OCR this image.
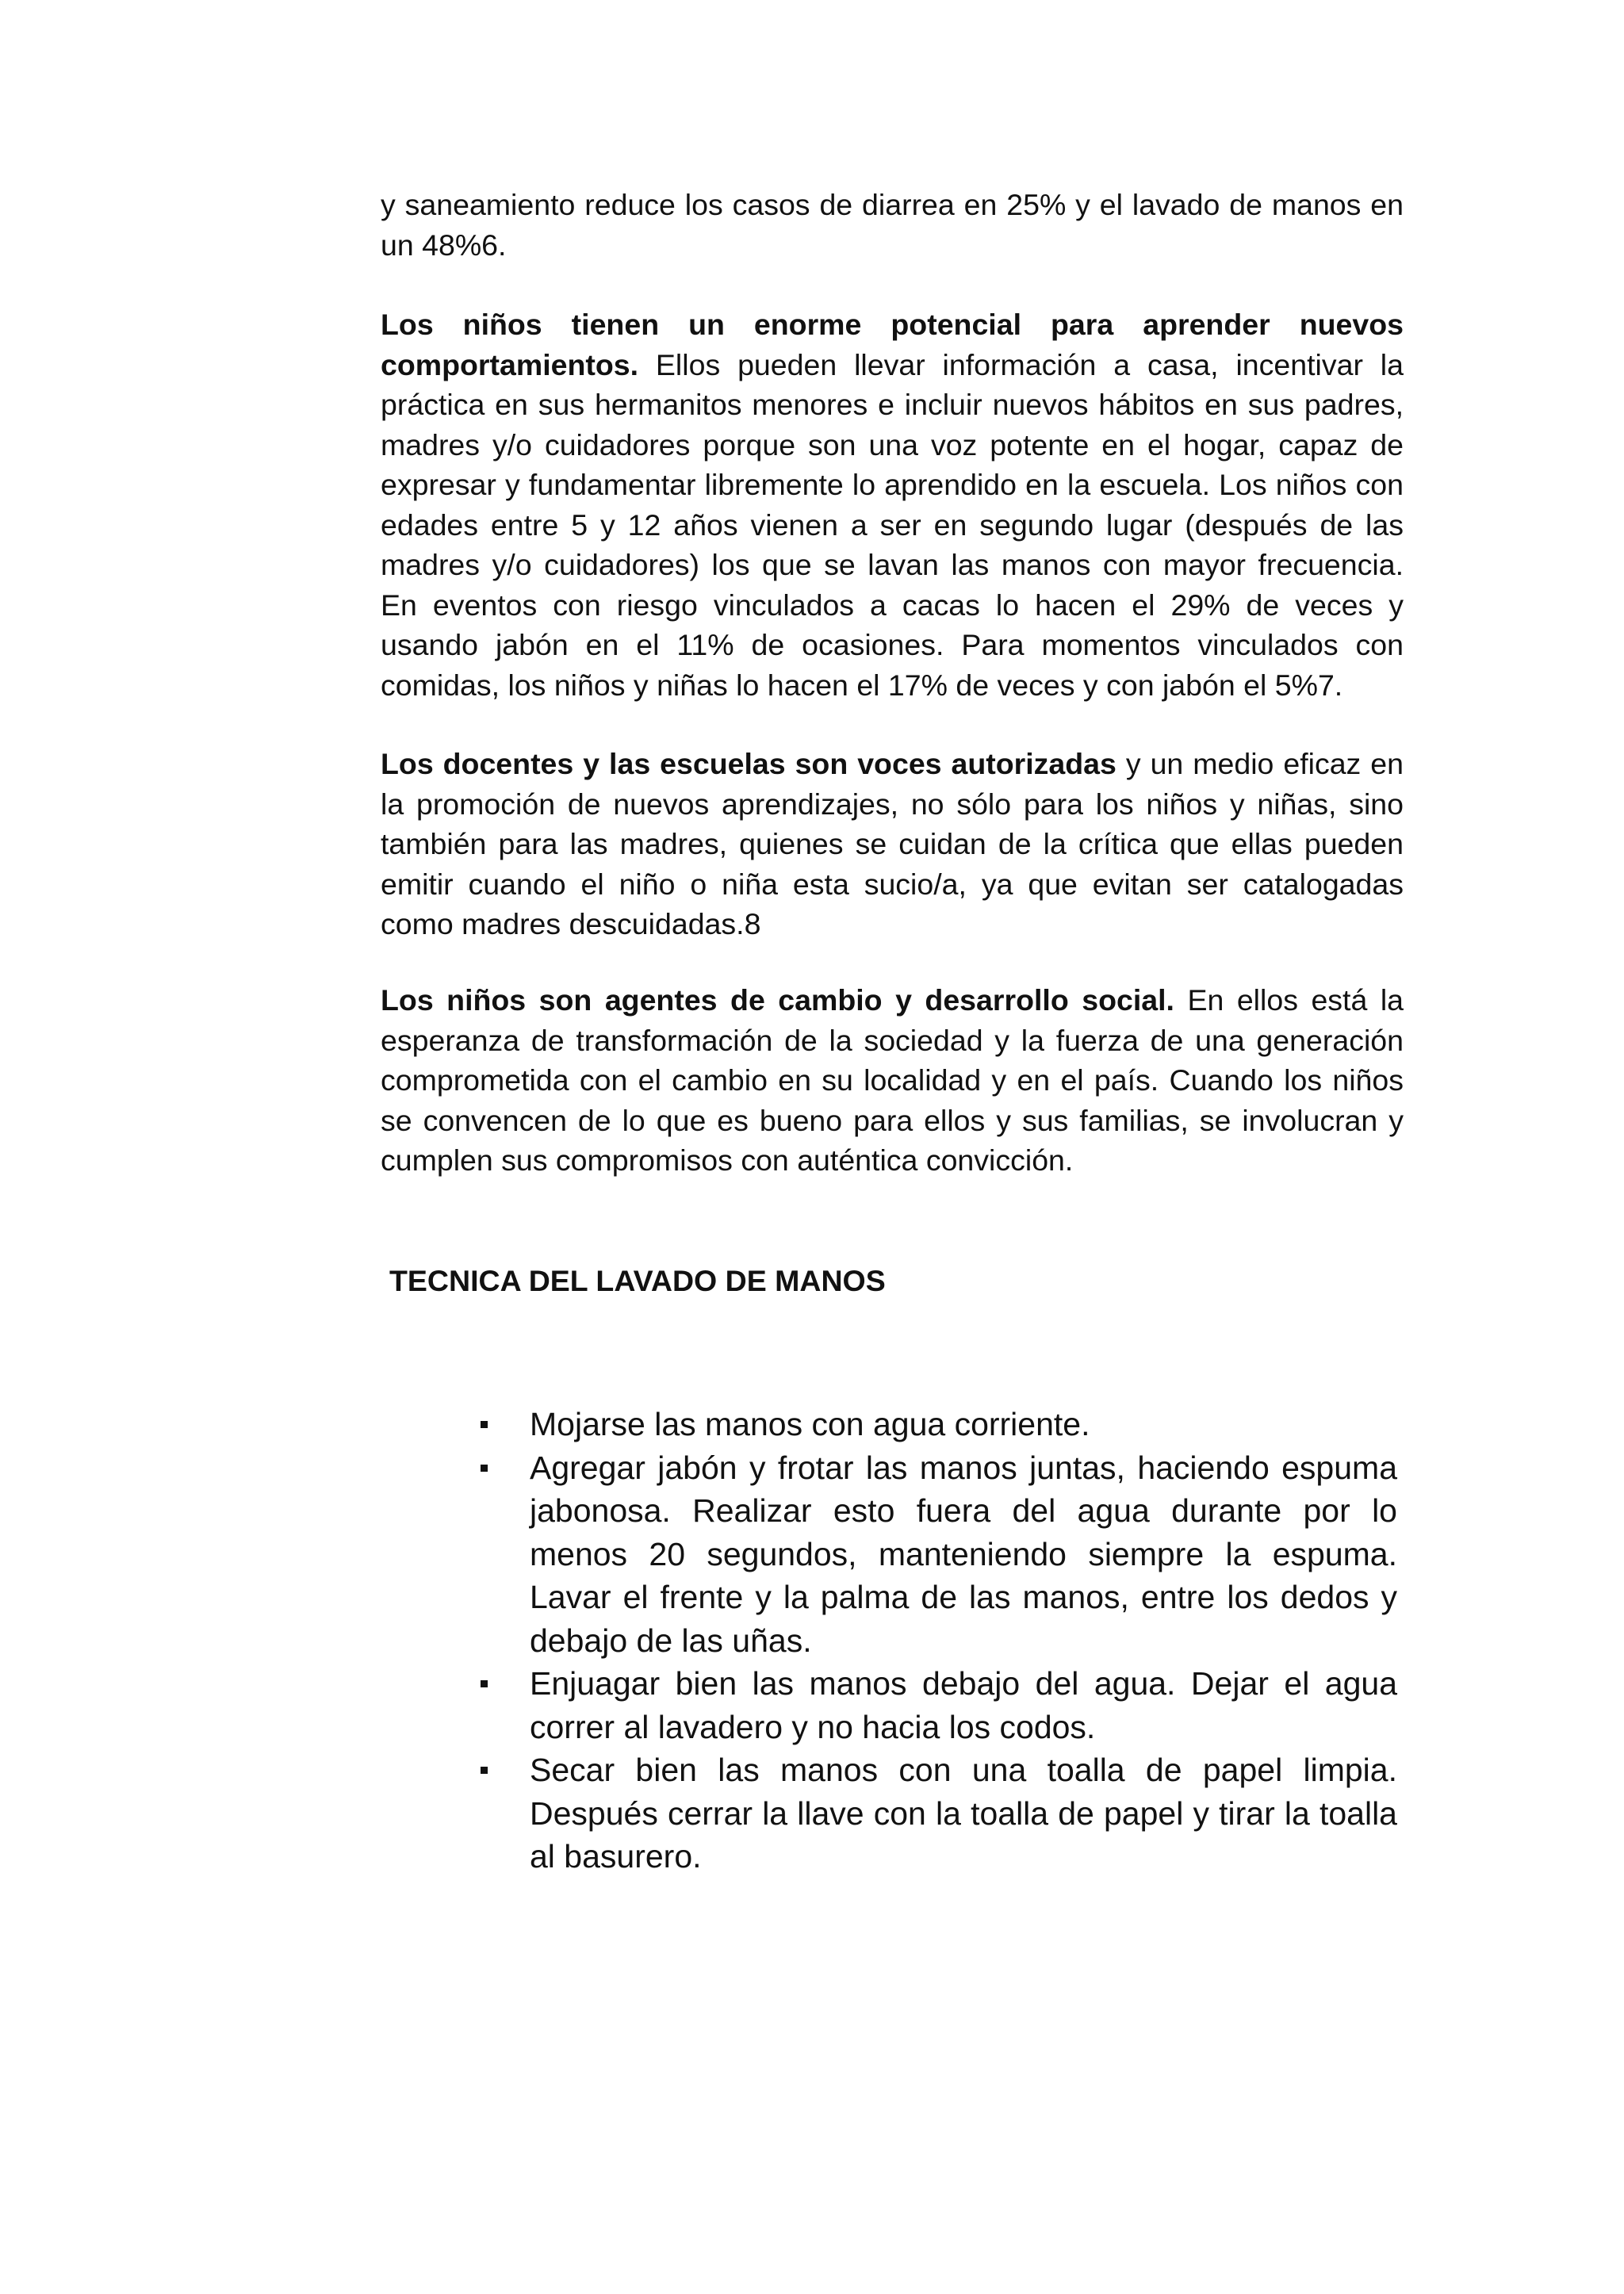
y saneamiento reduce los casos de diarrea en 25% y el lavado de manos en un 48%6.

Los niños tienen un enorme potencial para aprender nuevos comportamientos. Ellos pueden llevar información a casa, incentivar la práctica en sus hermanitos menores e incluir nuevos hábitos en sus padres, madres y/o cuidadores porque son una voz potente en el hogar, capaz de expresar y fundamentar libremente lo aprendido en la escuela. Los niños con edades entre 5 y 12 años vienen a ser en segundo lugar (después de las madres y/o cuidadores) los que se lavan las manos con mayor frecuencia. En eventos con riesgo vinculados a cacas lo hacen el 29% de veces y usando jabón en el 11% de ocasiones. Para momentos vinculados con comidas, los niños y niñas lo hacen el 17% de veces y con jabón el 5%7.

Los docentes y las escuelas son voces autorizadas y un medio eficaz en la promoción de nuevos aprendizajes, no sólo para los niños y niñas, sino también para las madres, quienes se cuidan de la crítica que ellas pueden emitir cuando el niño o niña esta sucio/a, ya que evitan ser catalogadas como madres descuidadas.8

Los niños son agentes de cambio y desarrollo social. En ellos está la esperanza de transformación de la sociedad y la fuerza de una generación comprometida con el cambio en su localidad y en el país. Cuando los niños se convencen de lo que es bueno para ellos y sus familias, se involucran y cumplen sus compromisos con auténtica convicción.

TECNICA DEL LAVADO DE MANOS
Mojarse las manos con agua corriente.
Agregar jabón y frotar las manos juntas, haciendo espuma jabonosa. Realizar esto fuera del agua durante por lo menos 20 segundos, manteniendo siempre la espuma. Lavar el frente y la palma de las manos, entre los dedos y debajo de las uñas.
Enjuagar bien las manos debajo del agua. Dejar el agua correr al lavadero y no hacia los codos.
Secar bien las manos con una toalla de papel limpia. Después cerrar la llave con la toalla de papel y tirar la toalla al basurero.
